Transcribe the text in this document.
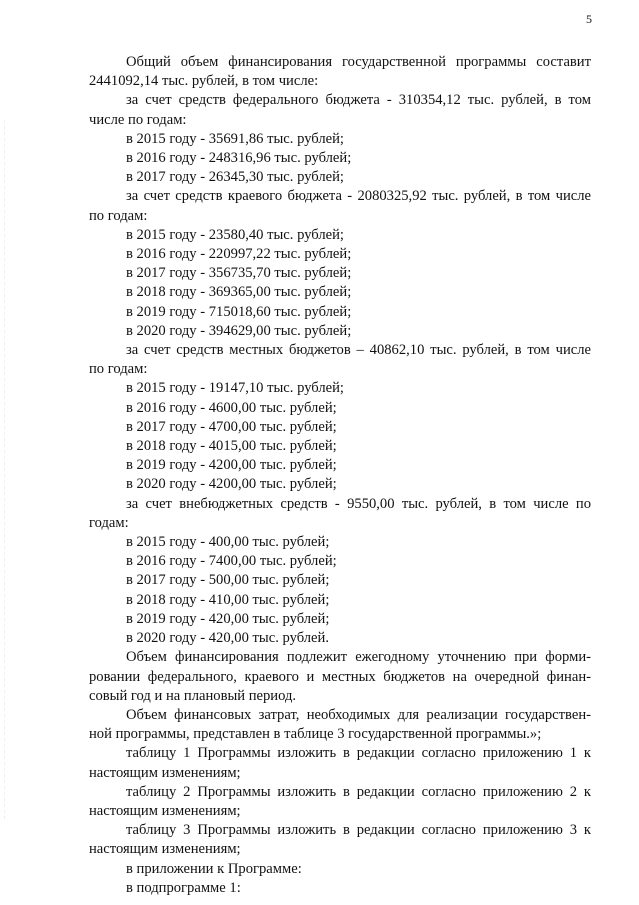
5
Общий объем финансирования государственной программы составит
2441092,14 тыс. рублей, в том числе:
за счет средств федерального бюджета - 310354,12 тыс. рублей, в том
числе по годам:
в 2015 году - 35691,86 тыс. рублей;
в 2016 году - 248316,96 тыс. рублей;
в 2017 году - 26345,30 тыс. рублей;
за счет средств краевого бюджета - 2080325,92 тыс. рублей, в том числе
по годам:
в 2015 году - 23580,40 тыс. рублей;
в 2016 году - 220997,22 тыс. рублей;
в 2017 году - 356735,70 тыс. рублей;
в 2018 году - 369365,00 тыс. рублей;
в 2019 году - 715018,60 тыс. рублей;
в 2020 году - 394629,00 тыс. рублей;
за счет средств местных бюджетов – 40862,10 тыс. рублей, в том числе
по годам:
в 2015 году - 19147,10 тыс. рублей;
в 2016 году - 4600,00 тыс. рублей;
в 2017 году - 4700,00 тыс. рублей;
в 2018 году - 4015,00 тыс. рублей;
в 2019 году - 4200,00 тыс. рублей;
в 2020 году - 4200,00 тыс. рублей;
за счет внебюджетных средств - 9550,00 тыс. рублей, в том числе по
годам:
в 2015 году - 400,00 тыс. рублей;
в 2016 году - 7400,00 тыс. рублей;
в 2017 году - 500,00 тыс. рублей;
в 2018 году - 410,00 тыс. рублей;
в 2019 году - 420,00 тыс. рублей;
в 2020 году - 420,00 тыс. рублей.
Объем финансирования подлежит ежегодному уточнению при форми-
ровании федерального, краевого и местных бюджетов на очередной финан-
совый год и на плановый период.
Объем финансовых затрат, необходимых для реализации государствен-
ной программы, представлен в таблице 3 государственной программы.»;
таблицу 1 Программы изложить в редакции согласно приложению 1 к
настоящим изменениям;
таблицу 2 Программы изложить в редакции согласно приложению 2 к
настоящим изменениям;
таблицу 3 Программы изложить в редакции согласно приложению 3 к
настоящим изменениям;
в приложении к Программе:
в подпрограмме 1:
